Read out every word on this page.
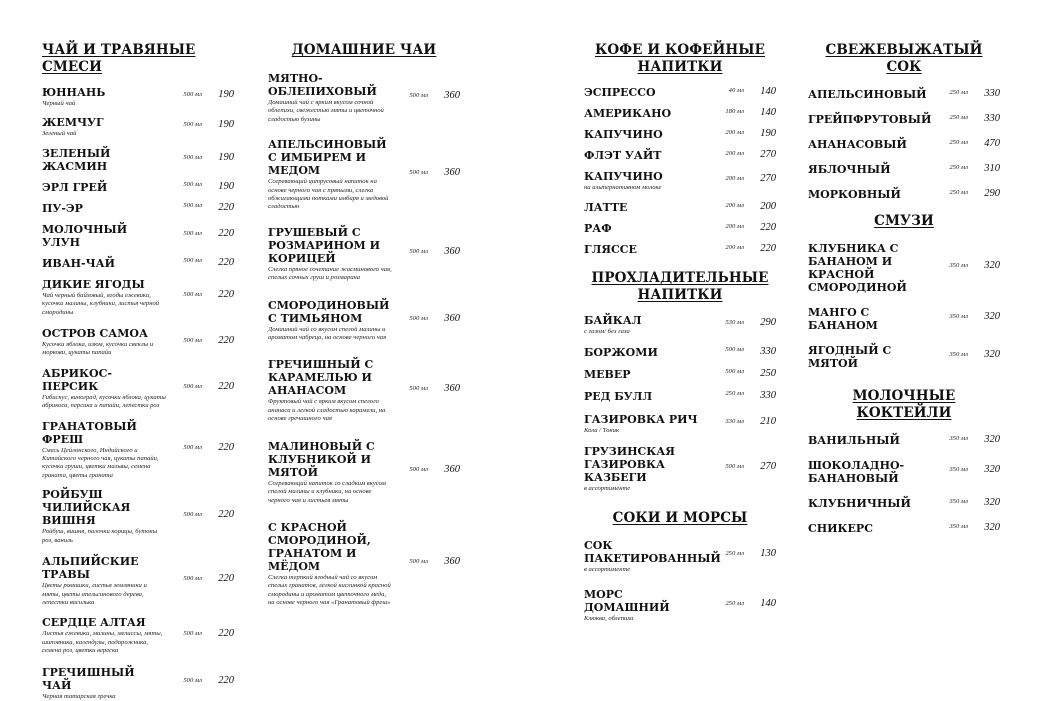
ЧАЙ И ТРАВЯНЫЕ СМЕСИ
ЮННАНЬ
Черный чай
500 мл	190
ЖЕМЧУГ
Зеленый чай
500 мл	190
ЗЕЛЕНЫЙ ЖАСМИН
500 мл	190
ЭРЛ ГРЕЙ	500 мл	190
ПУ-ЭР	500 мл	220
МОЛОЧНЫЙ УЛУН
500 мл	220
ИВАН-ЧАЙ	500 мл	220
ДИКИЕ ЯГОДЫ
Чай черный байховый, ягоды ежевики, кусочки малины, клубники, листья черной смородины
500 мл	220
ОСТРОВ САМОА
Кусочки яблока, изюм, кусочки свеклы и моркови, цукаты папайи
500 мл	220
АБРИКОС-ПЕРСИК
Гибискус, виноград, кусочки яблока, цукаты абрикоса, персика и папайи, лепестки роз
500 мл	220
ГРАНАТОВЫЙ ФРЕШ
Смесь Цейлонского, Индийского и Китайского черного чая, цукаты папайи, кусочки груши, цветки мальвы, семена граната, цветы граната
500 мл	220
РОЙБУШ ЧИЛИЙСКАЯ ВИШНЯ
Ройбуш, вишня, палочки корицы, бутоны роз, ваниль
500 мл	220
АЛЬПИЙСКИЕ ТРАВЫ
Цветы ромашки, листья земляники и мяты, цветы апельсинового дерева, лепестки василька
500 мл	220
СЕРДЦЕ АЛТАЯ
Листья ежевики, малины, мелиссы, мяты, шиповника, календулы, подорожника, семена роз, цветки вереска
500 мл	220
ГРЕЧИШНЫЙ ЧАЙ
Черная татарская гречка
500 мл	220
ДОМАШНИЕ ЧАИ
МЯТНО-ОБЛЕПИХОВЫЙ
Домашний чай с ярким вкусом сочной облепихи, свежестью мяты и цветочной сладостью бузины
500 мл	360
АПЕЛЬСИНОВЫЙ С ИМБИРЕМ И МЕДОМ
Согревающий цитрусовый напиток на основе черного чая с пряными, слегка обжигающими нотками имбиря и медовой сладостью
500 мл	360
ГРУШЕВЫЙ С РОЗМАРИНОМ И КОРИЦЕЙ
Слегка пряное сочетание жасминового чая, спелых сочных груш и розмарина
500 мл	360
СМОРОДИНОВЫЙ С ТИМЬЯНОМ
Домашний чай со вкусом спелой малины и ароматом чабреца, на основе черного чая
500 мл	360
ГРЕЧИШНЫЙ С КАРАМЕЛЬЮ И АНАНАСОМ
Фруктовый чай с ярким вкусом спелого ананаса и легкой сладостью карамели, на основе гречишного чая
500 мл	360
МАЛИНОВЫЙ С КЛУБНИКОЙ И МЯТОЙ
Согревающий напиток со сладким вкусом спелой малины и клубники, на основе черного чая и листьев мяты
500 мл	360
С КРАСНОЙ СМОРОДИНОЙ, ГРАНАТОМ И МЁДОМ
Слегка терпкий ягодный чай со вкусом спелых гранатов, легкой кислинкой красной смородины и ароматом цветочного меда, на основе черного чая «Гранатовый фреш»
500 мл	360
КОФЕ И КОФЕЙНЫЕ НАПИТКИ
ЭСПРЕССО	40 мл	140
АМЕРИКАНО	180 мл	140
КАПУЧИНО	200 мл	190
ФЛЭТ УАЙТ	200 мл	270
КАПУЧИНО
на альтернативном молоке
200 мл	270
ЛАТТЕ	200 мл	200
РАФ	200 мл	220
ГЛЯССЕ	200 мл	220
ПРОХЛАДИТЕЛЬНЫЕ НАПИТКИ
БАЙКАЛ
с газом/ без газа
530 мл	290
БОРЖОМИ	500 мл	330
МЕВЕР	500 мл	250
РЕД БУЛЛ	250 мл	330
ГАЗИРОВКА РИЧ
Кола / Тоник
330 мл	210
ГРУЗИНСКАЯ ГАЗИРОВКА КАЗБЕГИ
в ассортименте
500 мл	270
СОКИ И МОРСЫ
СОК ПАКЕТИРОВАННЫЙ
в ассортименте
250 мл	130
МОРС ДОМАШНИЙ
Клюква, облепиха
250 мл	140
СВЕЖЕВЫЖАТЫЙ СОК
АПЕЛЬСИНОВЫЙ	250 мл	330
ГРЕЙПФРУТОВЫЙ	250 мл	330
АНАНАСОВЫЙ	250 мл	470
ЯБЛОЧНЫЙ	250 мл	310
МОРКОВНЫЙ	250 мл	290
СМУЗИ
КЛУБНИКА С БАНАНОМ И КРАСНОЙ СМОРОДИНОЙ
350 мл	320
МАНГО С БАНАНОМ
350 мл	320
ЯГОДНЫЙ С МЯТОЙ
350 мл	320
МОЛОЧНЫЕ КОКТЕЙЛИ
ВАНИЛЬНЫЙ	350 мл	320
ШОКОЛАДНО-БАНАНОВЫЙ
350 мл	320
КЛУБНИЧНЫЙ	350 мл	320
СНИКЕРС	350 мл	320
